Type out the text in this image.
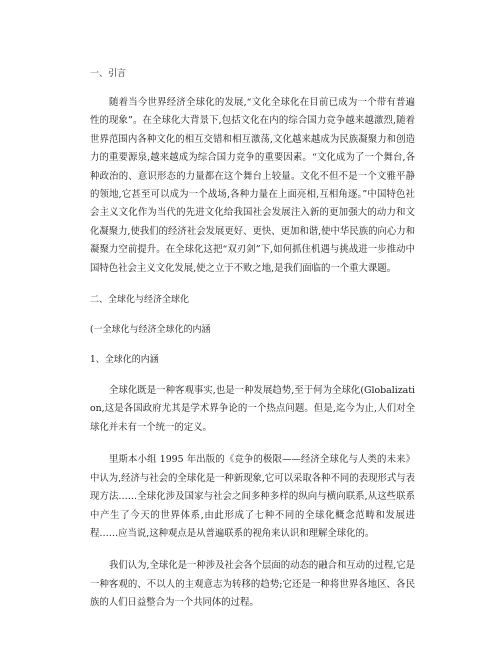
一、引言

随着当今世界经济全球化的发展,“文化全球化在目前已成为一个带有普遍性的现象”。在全球化大背景下,包括文化在内的综合国力竞争越来越激烈,随着世界范围内各种文化的相互交错和相互激荡,文化越来越成为民族凝聚力和创造力的重要源泉,越来越成为综合国力竞争的重要因素。“文化成为了一个舞台,各种政治的、意识形态的力量都在这个舞台上较量。文化不但不是一个文雅平静的领地,它甚至可以成为一个战场,各种力量在上面亮相,互相角逐。”中国特色社会主义文化作为当代的先进文化给我国社会发展注入新的更加强大的动力和文化凝聚力,使我们的经济社会发展更好、更快、更加和谐,使中华民族的向心力和凝聚力空前提升。在全球化这把“双刃剑”下,如何抓住机遇与挑战进一步推动中国特色社会主义文化发展,使之立于不败之地,是我们面临的一个重大课题。

二、全球化与经济全球化

(一全球化与经济全球化的内涵

1、全球化的内涵

全球化既是一种客观事实,也是一种发展趋势,至于何为全球化(Globalization,这是各国政府尤其是学术界争论的一个热点问题。但是,迄今为止,人们对全球化并未有一个统一的定义。

里斯本小组 1995 年出版的《竞争的极限——经济全球化与人类的未来》中认为,经济与社会的全球化是一种新现象,它可以采取各种不同的表现形式与表现方法……全球化涉及国家与社会之间多种多样的纵向与横向联系,从这些联系中产生了今天的世界体系,由此形成了七种不同的全球化概念范畴和发展进程……应当说,这种观点是从普遍联系的视角来认识和理解全球化的。

我们认为,全球化是一种涉及社会各个层面的动态的融合和互动的过程,它是一种客观的、不以人的主观意志为转移的趋势;它还是一种将世界各地区、各民族的人们日益整合为一个共同体的过程。
